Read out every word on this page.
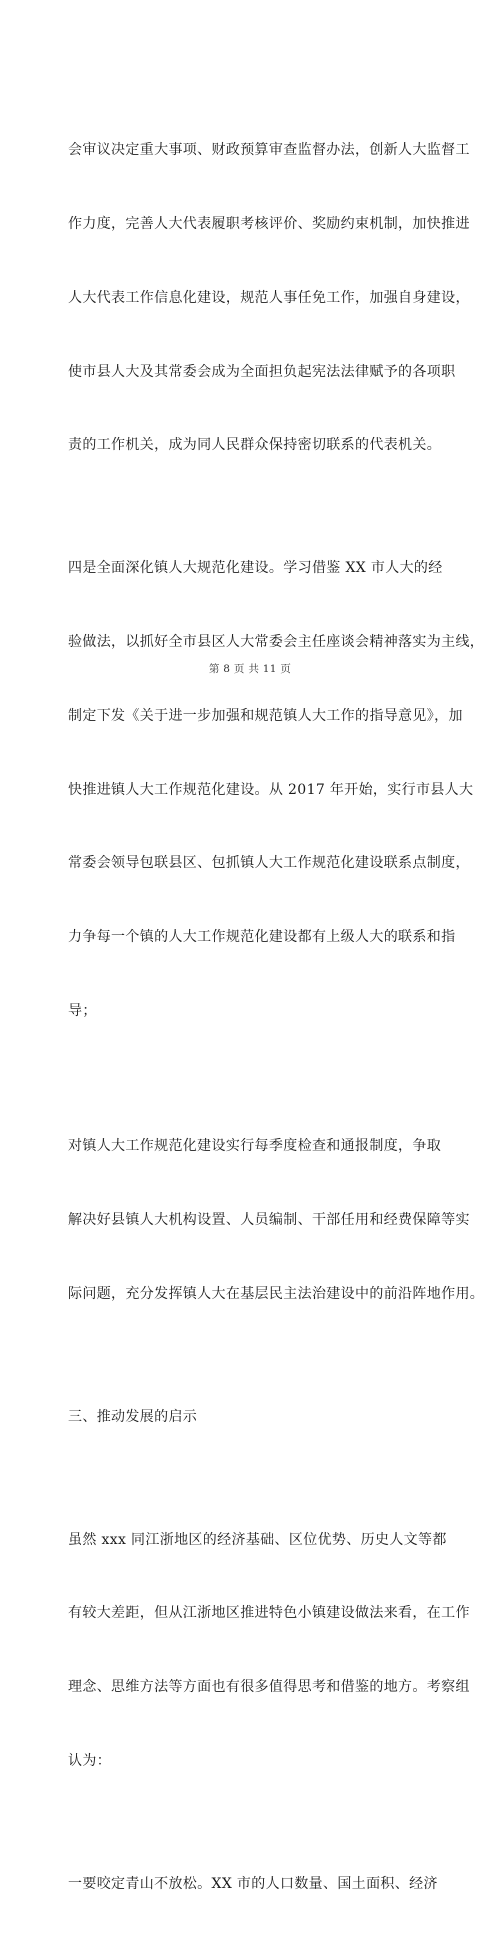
会审议决定重大事项、财政预算审查监督办法，创新人大监督工

作力度，完善人大代表履职考核评价、奖励约束机制，加快推进

人大代表工作信息化建设，规范人事任免工作，加强自身建设，

使市县人大及其常委会成为全面担负起宪法法律赋予的各项职

责的工作机关，成为同人民群众保持密切联系的代表机关。

四是全面深化镇人大规范化建设。学习借鉴 XX 市人大的经

验做法，以抓好全市县区人大常委会主任座谈会精神落实为主线，

制定下发《关于进一步加强和规范镇人大工作的指导意见》，加

快推进镇人大工作规范化建设。从 2017 年开始，实行市县人大

常委会领导包联县区、包抓镇人大工作规范化建设联系点制度，

力争每一个镇的人大工作规范化建设都有上级人大的联系和指

导；

对镇人大工作规范化建设实行每季度检查和通报制度，争取

解决好县镇人大机构设置、人员编制、干部任用和经费保障等实

际问题，充分发挥镇人大在基层民主法治建设中的前沿阵地作用。

三、推动发展的启示

虽然 xxx 同江浙地区的经济基础、区位优势、历史人文等都

有较大差距，但从江浙地区推进特色小镇建设做法来看，在工作

理念、思维方法等方面也有很多值得思考和借鉴的地方。考察组

认为：

一要咬定青山不放松。XX 市的人口数量、国土面积、经济

第 8 页 共 11 页
